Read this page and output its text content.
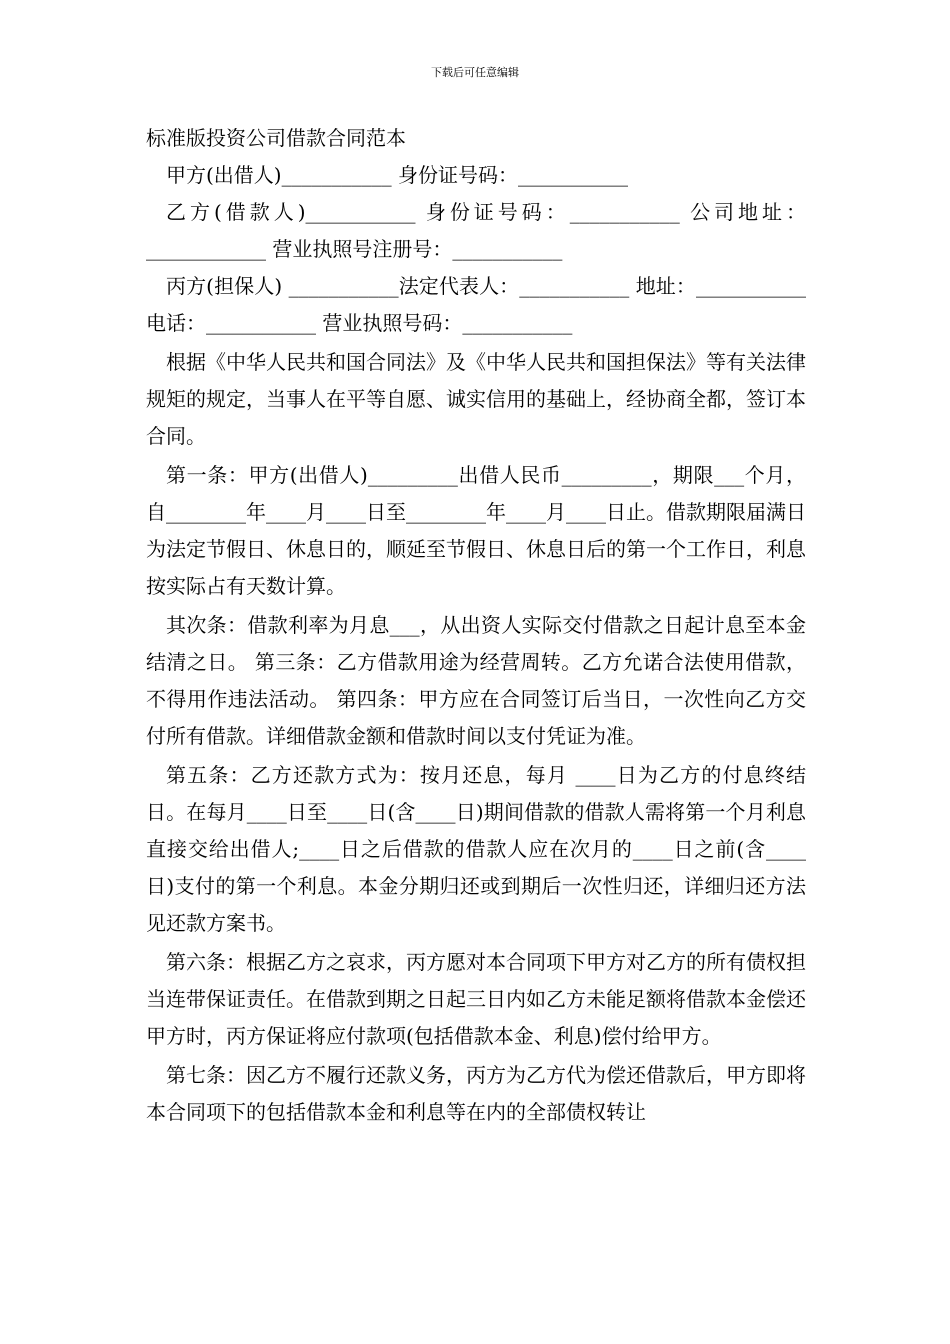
下载后可任意编辑
标准版投资公司借款合同范本

甲方(出借人)___________ 身份证号码：___________

乙方(借款人)___________ 身份证号码：___________ 公司地址：____________ 营业执照号注册号：___________

丙方(担保人) ___________法定代表人：___________ 地址：___________电话：___________ 营业执照号码：___________

根据《中华人民共和国合同法》及《中华人民共和国担保法》等有关法律规矩的规定，当事人在平等自愿、诚实信用的基础上，经协商全都，签订本合同。

第一条：甲方(出借人)_________出借人民币_________，期限___个月，自________年____月____日至________年____月____日止。借款期限届满日为法定节假日、休息日的，顺延至节假日、休息日后的第一个工作日，利息按实际占有天数计算。

其次条：借款利率为月息___，从出资人实际交付借款之日起计息至本金结清之日。 第三条：乙方借款用途为经营周转。乙方允诺合法使用借款，不得用作违法活动。 第四条：甲方应在合同签订后当日，一次性向乙方交付所有借款。详细借款金额和借款时间以支付凭证为准。

第五条：乙方还款方式为：按月还息，每月 ____日为乙方的付息终结日。在每月____日至____日(含____日)期间借款的借款人需将第一个月利息直接交给出借人;____日之后借款的借款人应在次月的____日之前(含____日)支付的第一个利息。本金分期归还或到期后一次性归还，详细归还方法见还款方案书。

第六条：根据乙方之哀求，丙方愿对本合同项下甲方对乙方的所有债权担当连带保证责任。在借款到期之日起三日内如乙方未能足额将借款本金偿还甲方时，丙方保证将应付款项(包括借款本金、利息)偿付给甲方。

第七条：因乙方不履行还款义务，丙方为乙方代为偿还借款后，甲方即将本合同项下的包括借款本金和利息等在内的全部债权转让
